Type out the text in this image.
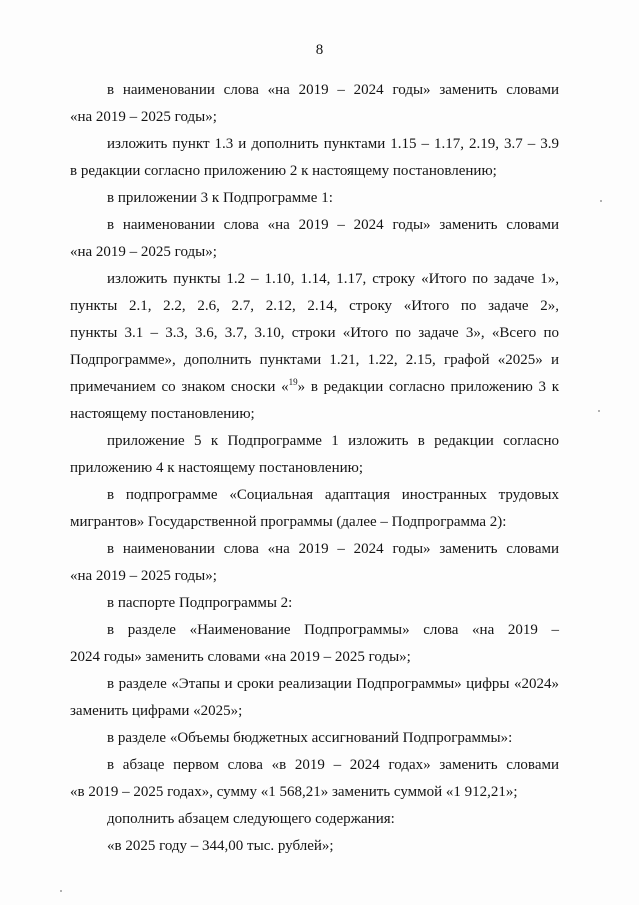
8
в наименовании слова «на 2019 – 2024 годы» заменить словами
«на 2019 – 2025 годы»;
изложить пункт 1.3 и дополнить пунктами 1.15 – 1.17, 2.19, 3.7 – 3.9
в редакции согласно приложению 2 к настоящему постановлению;
в приложении 3 к Подпрограмме 1:
в наименовании слова «на 2019 – 2024 годы» заменить словами
«на 2019 – 2025 годы»;
изложить пункты 1.2 – 1.10, 1.14, 1.17, строку «Итого по задаче 1»,
пункты 2.1, 2.2, 2.6, 2.7, 2.12, 2.14, строку «Итого по задаче 2»,
пункты 3.1 – 3.3, 3.6, 3.7, 3.10, строки «Итого по задаче 3», «Всего по
Подпрограмме», дополнить пунктами 1.21, 1.22, 2.15, графой «2025» и
примечанием со знаком сноски «$^{19}$» в редакции согласно приложению 3 к
настоящему постановлению;
приложение 5 к Подпрограмме 1 изложить в редакции согласно
приложению 4 к настоящему постановлению;
в подпрограмме «Социальная адаптация иностранных трудовых
мигрантов» Государственной программы (далее – Подпрограмма 2):
в наименовании слова «на 2019 – 2024 годы» заменить словами
«на 2019 – 2025 годы»;
в паспорте Подпрограммы 2:
в разделе «Наименование Подпрограммы» слова «на 2019 –
2024 годы» заменить словами «на 2019 – 2025 годы»;
в разделе «Этапы и сроки реализации Подпрограммы» цифры «2024»
заменить цифрами «2025»;
в разделе «Объемы бюджетных ассигнований Подпрограммы»:
в абзаце первом слова «в 2019 – 2024 годах» заменить словами
«в 2019 – 2025 годах», сумму «1 568,21» заменить суммой «1 912,21»;
дополнить абзацем следующего содержания:
«в 2025 году – 344,00 тыс. рублей»;
